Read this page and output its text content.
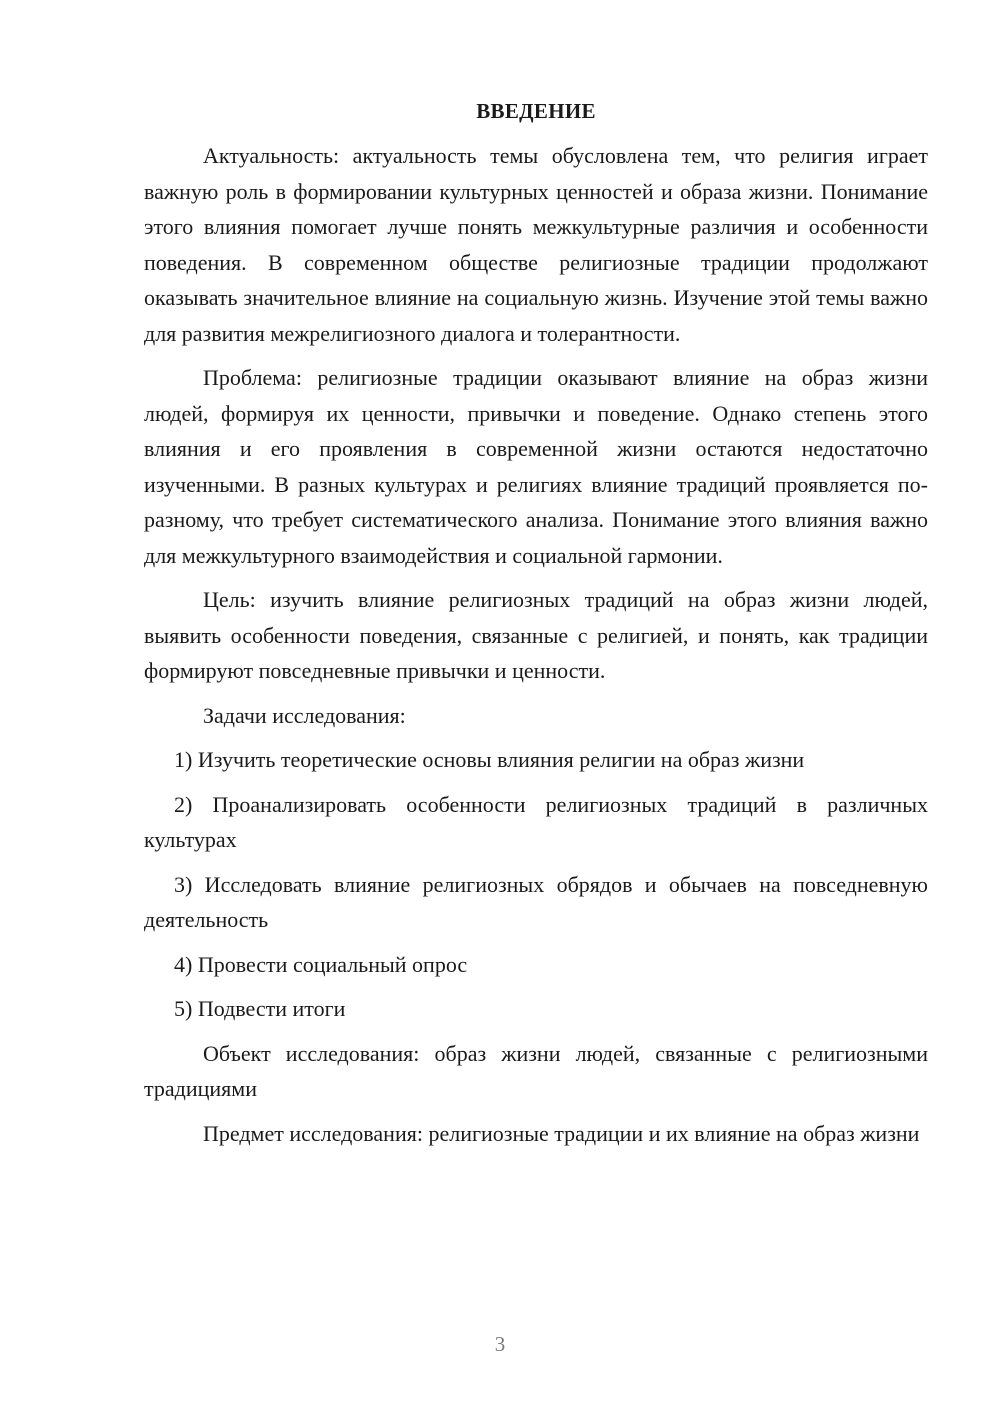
ВВЕДЕНИЕ

Актуальность: актуальность темы обусловлена тем, что религия играет важную роль в формировании культурных ценностей и образа жизни. Понимание этого влияния помогает лучше понять межкультурные различия и особенности поведения. В современном обществе религиозные традиции продолжают оказывать значительное влияние на социальную жизнь. Изучение этой темы важно для развития межрелигиозного диалога и толерантности.

Проблема: религиозные традиции оказывают влияние на образ жизни людей, формируя их ценности, привычки и поведение. Однако степень этого влияния и его проявления в современной жизни остаются недостаточно изученными. В разных культурах и религиях влияние традиций проявляется по-разному, что требует систематического анализа. Понимание этого влияния важно для межкультурного взаимодействия и социальной гармонии.

Цель: изучить влияние религиозных традиций на образ жизни людей, выявить особенности поведения, связанные с религией, и понять, как традиции формируют повседневные привычки и ценности.

Задачи исследования:

1) Изучить теоретические основы влияния религии на образ жизни

2) Проанализировать особенности религиозных традиций в различных культурах

3) Исследовать влияние религиозных обрядов и обычаев на повседневную деятельность

4) Провести социальный опрос

5) Подвести итоги

Объект исследования: образ жизни людей, связанные с религиозными традициями

Предмет исследования: религиозные традиции и их влияние на образ жизни

3
